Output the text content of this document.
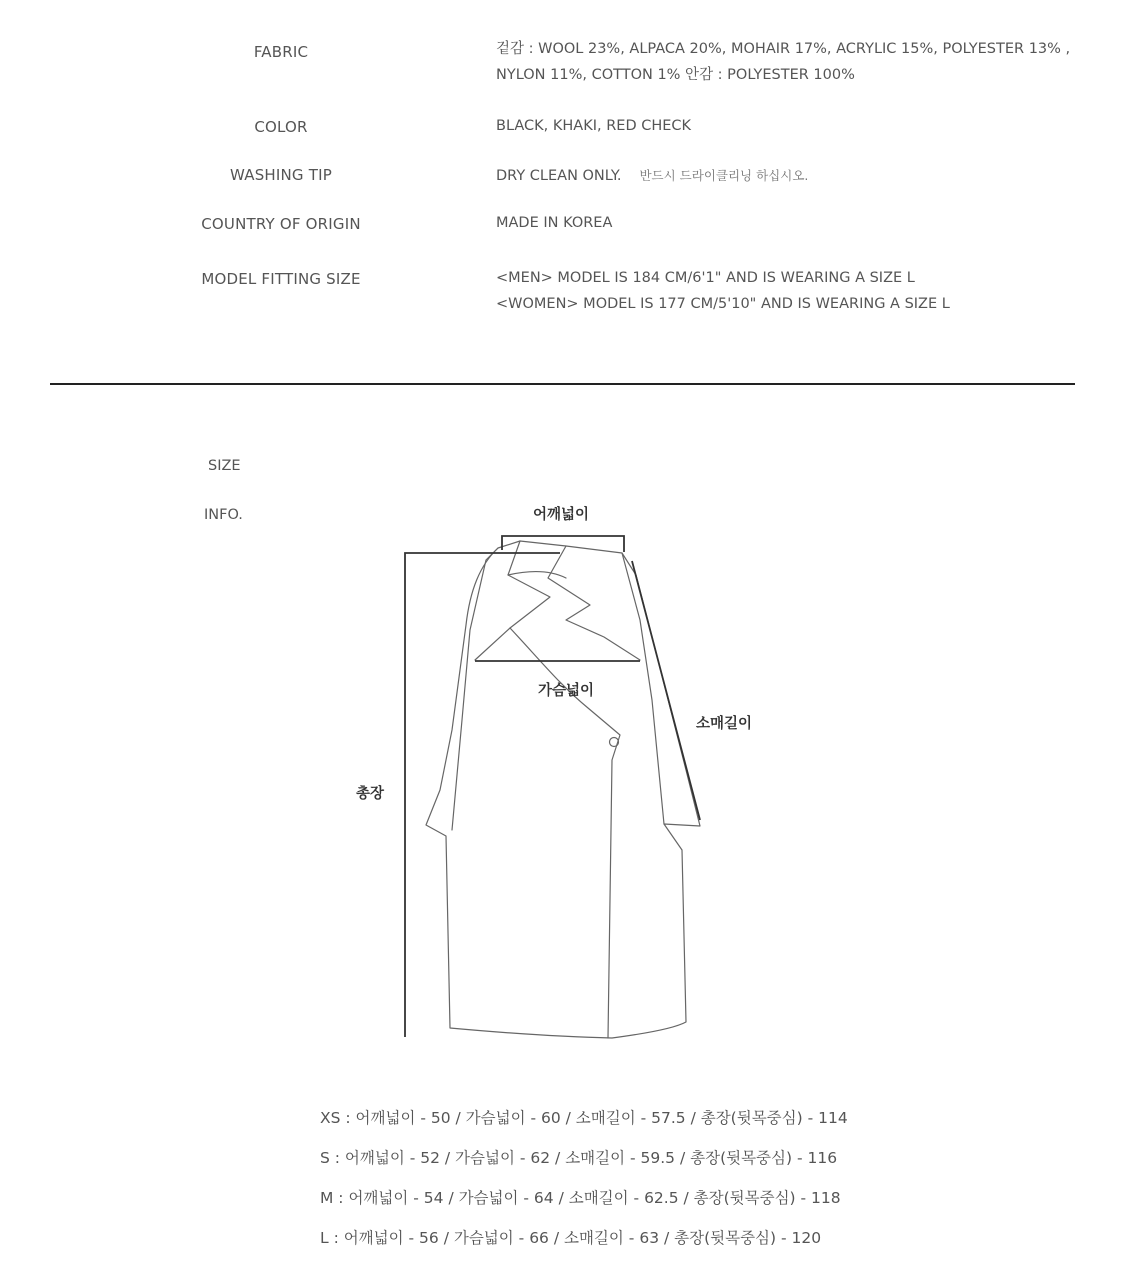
FABRIC	겉감 : WOOL 23%, ALPACA 20%, MOHAIR 17%, ACRYLIC 15%, POLYESTER 13% ,
NYLON 11%, COTTON 1% 안감 : POLYESTER 100%
COLOR	BLACK, KHAKI, RED CHECK
WASHING TIP	DRY CLEAN ONLY. 반드시 드라이클리닝 하십시오.
COUNTRY OF ORIGIN	MADE IN KOREA
MODEL FITTING SIZE	<MEN> MODEL IS 184 CM/6'1" AND IS WEARING A SIZE L
<WOMEN> MODEL IS 177 CM/5'10" AND IS WEARING A SIZE L
SIZE
INFO.	어깨넓이
가슴넓이
소매길이
총장
XS : 어깨넓이 - 50 / 가슴넓이 - 60 / 소매길이 - 57.5 / 총장(뒷목중심) - 114
S : 어깨넓이 - 52 / 가슴넓이 - 62 / 소매길이 - 59.5 / 총장(뒷목중심) - 116
M : 어깨넓이 - 54 / 가슴넓이 - 64 / 소매길이 - 62.5 / 총장(뒷목중심) - 118
L : 어깨넓이 - 56 / 가슴넓이 - 66 / 소매길이 - 63 / 총장(뒷목중심) - 120
